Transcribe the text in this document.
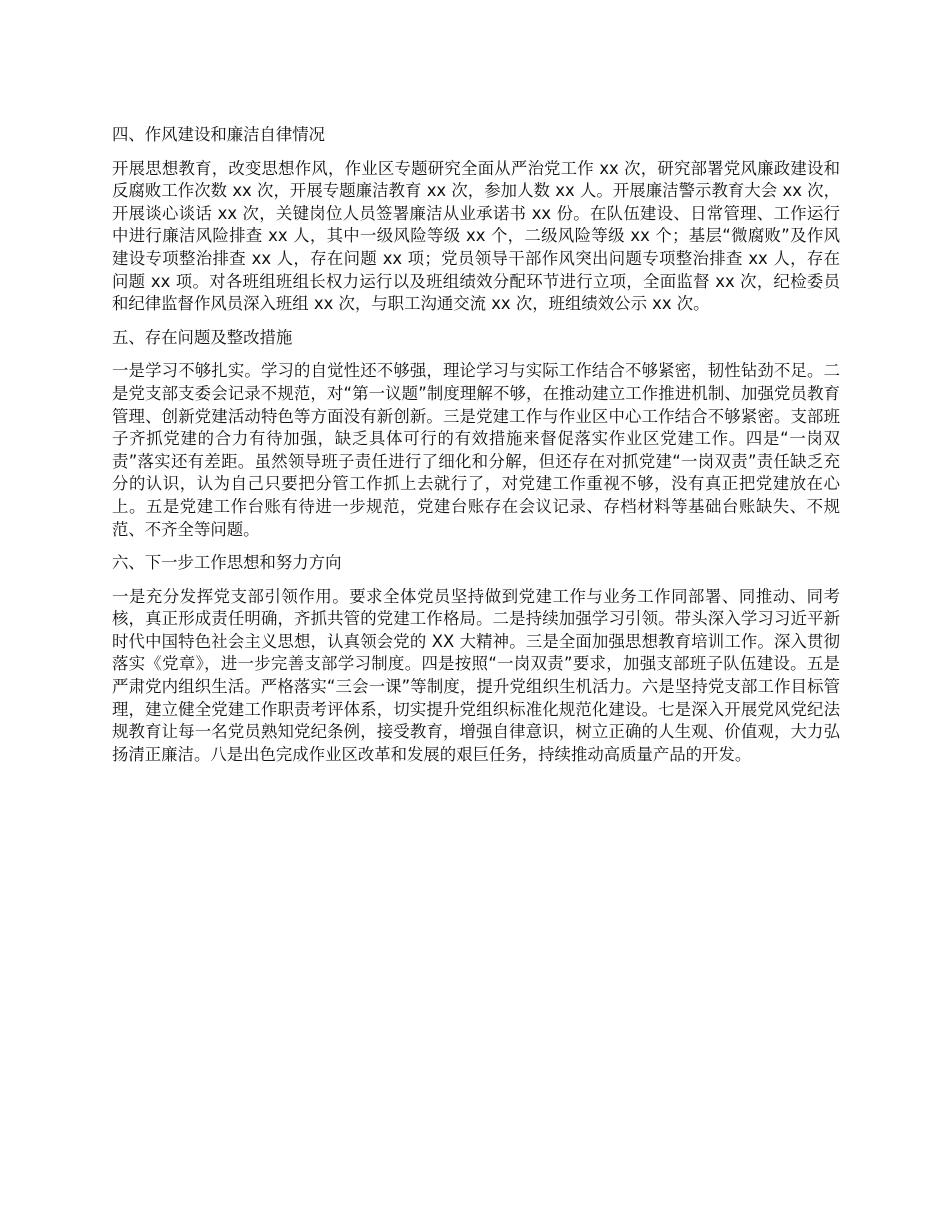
四、作风建设和廉洁自律情况

开展思想教育，改变思想作风，作业区专题研究全面从严治党工作 xx 次，研究部署党风廉政建设和反腐败工作次数 xx 次，开展专题廉洁教育 xx 次，参加人数 xx 人。开展廉洁警示教育大会 xx 次，开展谈心谈话 xx 次，关键岗位人员签署廉洁从业承诺书 xx 份。在队伍建设、日常管理、工作运行中进行廉洁风险排查 xx 人，其中一级风险等级 xx 个，二级风险等级 xx 个；基层“微腐败”及作风建设专项整治排查 xx 人，存在问题 xx 项；党员领导干部作风突出问题专项整治排查 xx 人，存在问题 xx 项。对各班组班组长权力运行以及班组绩效分配环节进行立项，全面监督 xx 次，纪检委员和纪律监督作风员深入班组 xx 次，与职工沟通交流 xx 次，班组绩效公示 xx 次。

五、存在问题及整改措施

一是学习不够扎实。学习的自觉性还不够强，理论学习与实际工作结合不够紧密，韧性钻劲不足。二是党支部支委会记录不规范，对“第一议题”制度理解不够，在推动建立工作推进机制、加强党员教育管理、创新党建活动特色等方面没有新创新。三是党建工作与作业区中心工作结合不够紧密。支部班子齐抓党建的合力有待加强，缺乏具体可行的有效措施来督促落实作业区党建工作。四是“一岗双责”落实还有差距。虽然领导班子责任进行了细化和分解，但还存在对抓党建“一岗双责”责任缺乏充分的认识，认为自己只要把分管工作抓上去就行了，对党建工作重视不够，没有真正把党建放在心上。五是党建工作台账有待进一步规范，党建台账存在会议记录、存档材料等基础台账缺失、不规范、不齐全等问题。

六、下一步工作思想和努力方向

一是充分发挥党支部引领作用。要求全体党员坚持做到党建工作与业务工作同部署、同推动、同考核，真正形成责任明确，齐抓共管的党建工作格局。二是持续加强学习引领。带头深入学习习近平新时代中国特色社会主义思想，认真领会党的 XX 大精神。三是全面加强思想教育培训工作。深入贯彻落实《党章》，进一步完善支部学习制度。四是按照“一岗双责”要求，加强支部班子队伍建设。五是严肃党内组织生活。严格落实“三会一课”等制度，提升党组织生机活力。六是坚持党支部工作目标管理，建立健全党建工作职责考评体系，切实提升党组织标准化规范化建设。七是深入开展党风党纪法规教育让每一名党员熟知党纪条例，接受教育，增强自律意识，树立正确的人生观、价值观，大力弘扬清正廉洁。八是出色完成作业区改革和发展的艰巨任务，持续推动高质量产品的开发。
